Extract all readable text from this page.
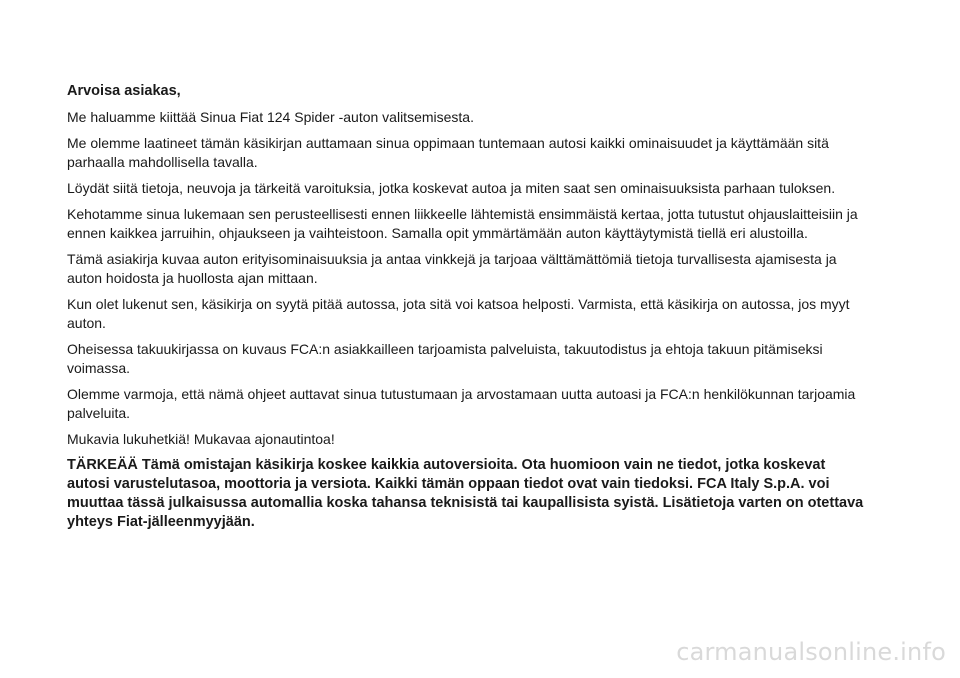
Arvoisa asiakas,

Me haluamme kiittää Sinua Fiat 124 Spider -auton valitsemisesta.

Me olemme laatineet tämän käsikirjan auttamaan sinua oppimaan tuntemaan autosi kaikki ominaisuudet ja käyttämään sitä parhaalla mahdollisella tavalla.

Löydät siitä tietoja, neuvoja ja tärkeitä varoituksia, jotka koskevat autoa ja miten saat sen ominaisuuksista parhaan tuloksen.

Kehotamme sinua lukemaan sen perusteellisesti ennen liikkeelle lähtemistä ensimmäistä kertaa, jotta tutustut ohjauslaitteisiin ja ennen kaikkea jarruihin, ohjaukseen ja vaihteistoon. Samalla opit ymmärtämään auton käyttäytymistä tiellä eri alustoilla.

Tämä asiakirja kuvaa auton erityisominaisuuksia ja antaa vinkkejä ja tarjoaa välttämättömiä tietoja turvallisesta ajamisesta ja auton hoidosta ja huollosta ajan mittaan.

Kun olet lukenut sen, käsikirja on syytä pitää autossa, jota sitä voi katsoa helposti. Varmista, että käsikirja on autossa, jos myyt auton.

Oheisessa takuukirjassa on kuvaus FCA:n asiakkailleen tarjoamista palveluista, takuutodistus ja ehtoja takuun pitämiseksi voimassa.

Olemme varmoja, että nämä ohjeet auttavat sinua tutustumaan ja arvostamaan uutta autoasi ja FCA:n henkilökunnan tarjoamia palveluita.

Mukavia lukuhetkiä! Mukavaa ajonautintoa!

TÄRKEÄÄ Tämä omistajan käsikirja koskee kaikkia autoversioita. Ota huomioon vain ne tiedot, jotka koskevat autosi varustelutasoa, moottoria ja versiota. Kaikki tämän oppaan tiedot ovat vain tiedoksi. FCA Italy S.p.A. voi muuttaa tässä julkaisussa automallia koska tahansa teknisistä tai kaupallisista syistä. Lisätietoja varten on otettava yhteys Fiat-jälleenmyyjään.

carmanualsonline.info
